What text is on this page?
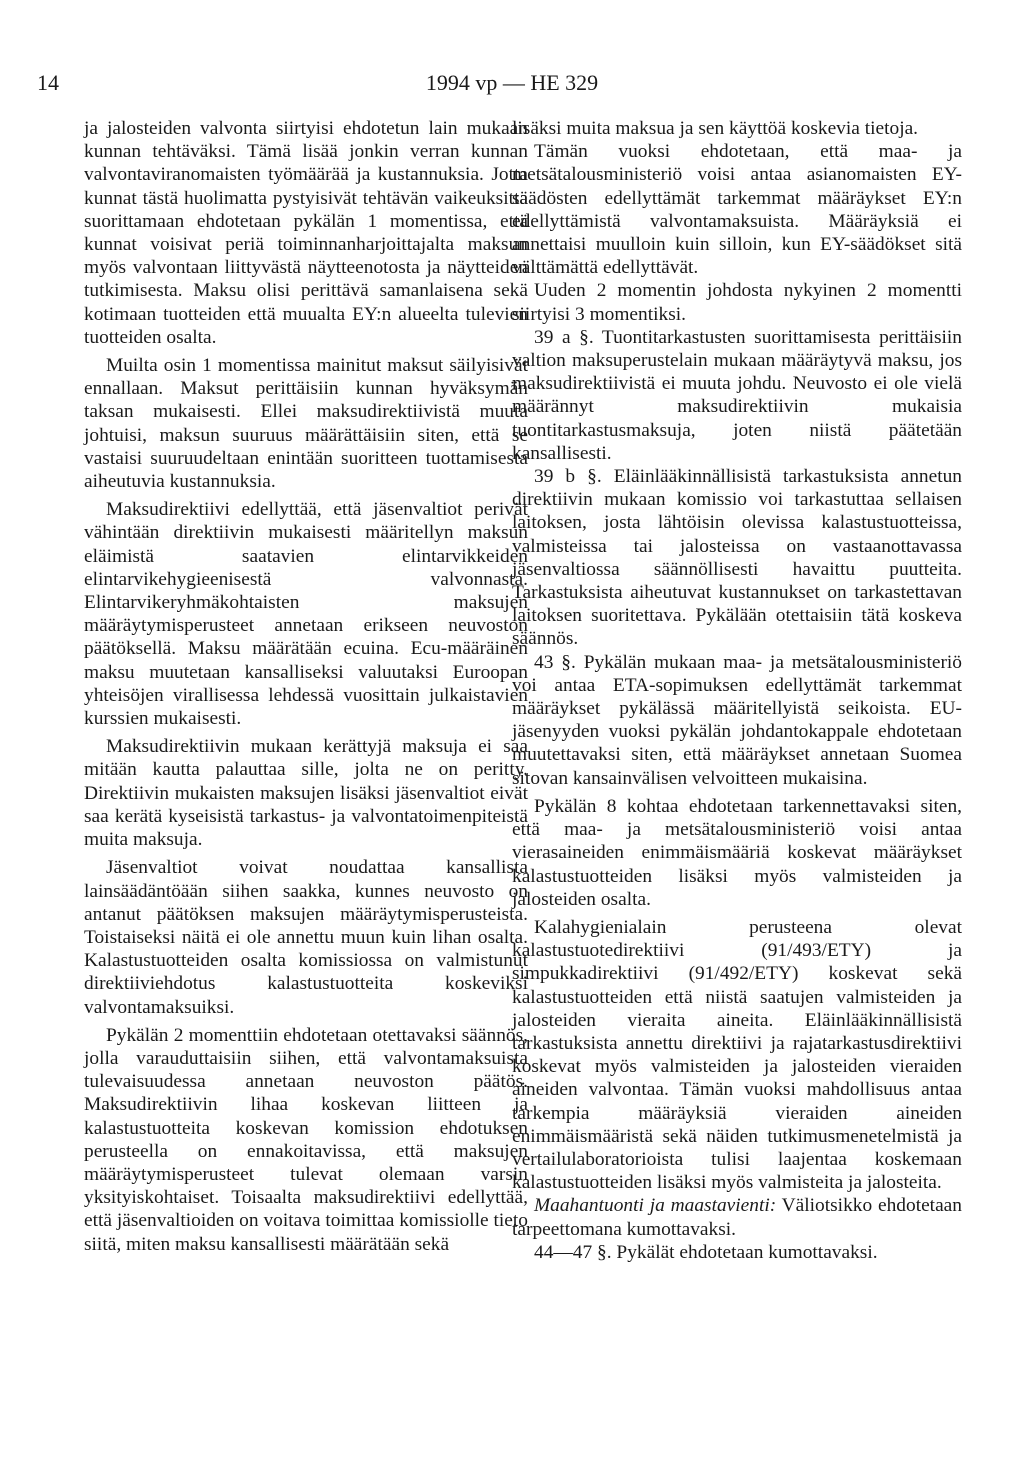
14	1994 vp — HE 329

ja jalosteiden valvonta siirtyisi ehdotetun lain mukaan kunnan tehtäväksi. Tämä lisää jonkin verran kunnan valvontaviranomaisten työmäärää ja kustannuksia. Jotta kunnat tästä huolimatta pystyisivät tehtävän vaikeuksitta suorittamaan ehdotetaan pykälän 1 momentissa, että kunnat voisivat periä toiminnanharjoittajalta maksun myös valvontaan liittyvästä näytteenotosta ja näytteiden tutkimisesta. Maksu olisi perittävä samanlaisena sekä kotimaan tuotteiden että muualta EY:n alueelta tulevien tuotteiden osalta.

Muilta osin 1 momentissa mainitut maksut säilyisivät ennallaan. Maksut perittäisiin kunnan hyväksymän taksan mukaisesti. Ellei maksudirektiivistä muuta johtuisi, maksun suuruus määrättäisiin siten, että se vastaisi suuruudeltaan enintään suoritteen tuottamisesta aiheutuvia kustannuksia.

Maksudirektiivi edellyttää, että jäsenvaltiot perivät vähintään direktiivin mukaisesti määritellyn maksun eläimistä saatavien elintarvikkeiden elintarvikehygieenisestä valvonnasta. Elintarvikeryhmäkohtaisten maksujen määräytymisperusteet annetaan erikseen neuvoston päätöksellä. Maksu määrätään ecuina. Ecu-määräinen maksu muutetaan kansalliseksi valuutaksi Euroopan yhteisöjen virallisessa lehdessä vuosittain julkaistavien kurssien mukaisesti.

Maksudirektiivin mukaan kerättyjä maksuja ei saa mitään kautta palauttaa sille, jolta ne on peritty. Direktiivin mukaisten maksujen lisäksi jäsenvaltiot eivät saa kerätä kyseisistä tarkastus- ja valvontatoimenpiteistä muita maksuja.

Jäsenvaltiot voivat noudattaa kansallista lainsäädäntöään siihen saakka, kunnes neuvosto on antanut päätöksen maksujen määräytymisperusteista. Toistaiseksi näitä ei ole annettu muun kuin lihan osalta. Kalastustuotteiden osalta komissiossa on valmistunut direktiiviehdotus kalastustuotteita koskeviksi valvontamaksuiksi.

Pykälän 2 momenttiin ehdotetaan otettavaksi säännös, jolla varauduttaisiin siihen, että valvontamaksuista tulevaisuudessa annetaan neuvoston päätös. Maksudirektiivin lihaa koskevan liitteen ja kalastustuotteita koskevan komission ehdotuksen perusteella on ennakoitavissa, että maksujen määräytymisperusteet tulevat olemaan varsin yksityiskohtaiset. Toisaalta maksudirektiivi edellyttää, että jäsenvaltioiden on voitava toimittaa komissiolle tieto siitä, miten maksu kansallisesti määrätään sekä

lisäksi muita maksua ja sen käyttöä koskevia tietoja.

Tämän vuoksi ehdotetaan, että maa- ja metsätalousministeriö voisi antaa asianomaisten EY-säädösten edellyttämät tarkemmat määräykset EY:n edellyttämistä valvontamaksuista. Määräyksiä ei annettaisi muulloin kuin silloin, kun EY-säädökset sitä välttämättä edellyttävät.

Uuden 2 momentin johdosta nykyinen 2 momentti siirtyisi 3 momentiksi.

39 a §. Tuontitarkastusten suorittamisesta perittäisiin valtion maksuperustelain mukaan määräytyvä maksu, jos maksudirektiivistä ei muuta johdu. Neuvosto ei ole vielä määrännyt maksudirektiivin mukaisia tuontitarkastusmaksuja, joten niistä päätetään kansallisesti.

39 b §. Eläinlääkinnällisistä tarkastuksista annetun direktiivin mukaan komissio voi tarkastuttaa sellaisen laitoksen, josta lähtöisin olevissa kalastustuotteissa, valmisteissa tai jalosteissa on vastaanottavassa jäsenvaltiossa säännöllisesti havaittu puutteita. Tarkastuksista aiheutuvat kustannukset on tarkastettavan laitoksen suoritettava. Pykälään otettaisiin tätä koskeva säännös.

43 §. Pykälän mukaan maa- ja metsätalousministeriö voi antaa ETA-sopimuksen edellyttämät tarkemmat määräykset pykälässä määritellyistä seikoista. EU-jäsenyyden vuoksi pykälän johdantokappale ehdotetaan muutettavaksi siten, että määräykset annetaan Suomea sitovan kansainvälisen velvoitteen mukaisina.

Pykälän 8 kohtaa ehdotetaan tarkennettavaksi siten, että maa- ja metsätalousministeriö voisi antaa vierasaineiden enimmäismääriä koskevat määräykset kalastustuotteiden lisäksi myös valmisteiden ja jalosteiden osalta.

Kalahygienialain perusteena olevat kalastustuotedirektiivi (91/493/ETY) ja simpukkadirektiivi (91/492/ETY) koskevat sekä kalastustuotteiden että niistä saatujen valmisteiden ja jalosteiden vieraita aineita. Eläinlääkinnällisistä tarkastuksista annettu direktiivi ja rajatarkastusdirektiivi koskevat myös valmisteiden ja jalosteiden vieraiden aineiden valvontaa. Tämän vuoksi mahdollisuus antaa tarkempia määräyksiä vieraiden aineiden enimmäismääristä sekä näiden tutkimusmenetelmistä ja vertailulaboratorioista tulisi laajentaa koskemaan kalastustuotteiden lisäksi myös valmisteita ja jalosteita.

Maahantuonti ja maastavienti: Väliotsikko ehdotetaan tarpeettomana kumottavaksi.

44—47 §. Pykälät ehdotetaan kumottavaksi.
